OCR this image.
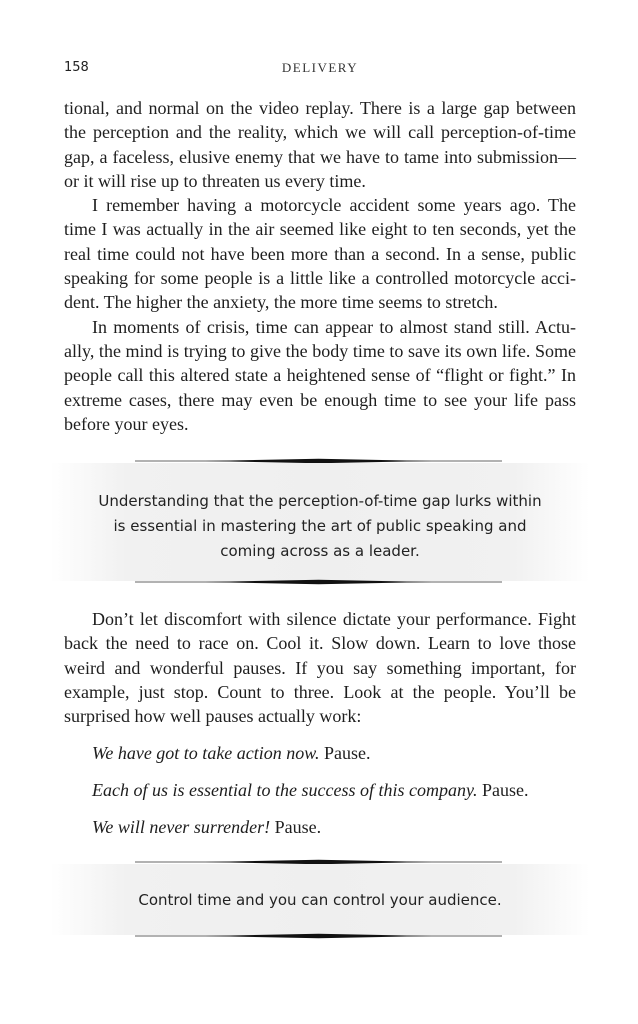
158	DELIVERY

tional, and normal on the video replay. There is a large gap between the perception and the reality, which we will call perception-of-time gap, a faceless, elusive enemy that we have to tame into submission—or it will rise up to threaten us every time.

I remember having a motorcycle accident some years ago. The time I was actually in the air seemed like eight to ten seconds, yet the real time could not have been more than a second. In a sense, public speaking for some people is a little like a controlled motorcycle accident. The higher the anxiety, the more time seems to stretch.

In moments of crisis, time can appear to almost stand still. Actually, the mind is trying to give the body time to save its own life. Some people call this altered state a heightened sense of “flight or fight.” In extreme cases, there may even be enough time to see your life pass before your eyes.

Understanding that the perception-of-time gap lurks within
is essential in mastering the art of public speaking and
coming across as a leader.

Don’t let discomfort with silence dictate your performance. Fight back the need to race on. Cool it. Slow down. Learn to love those weird and wonderful pauses. If you say something important, for example, just stop. Count to three. Look at the people. You’ll be surprised how well pauses actually work:

We have got to take action now. Pause.
Each of us is essential to the success of this company. Pause.
We will never surrender! Pause.
Control time and you can control your audience.
